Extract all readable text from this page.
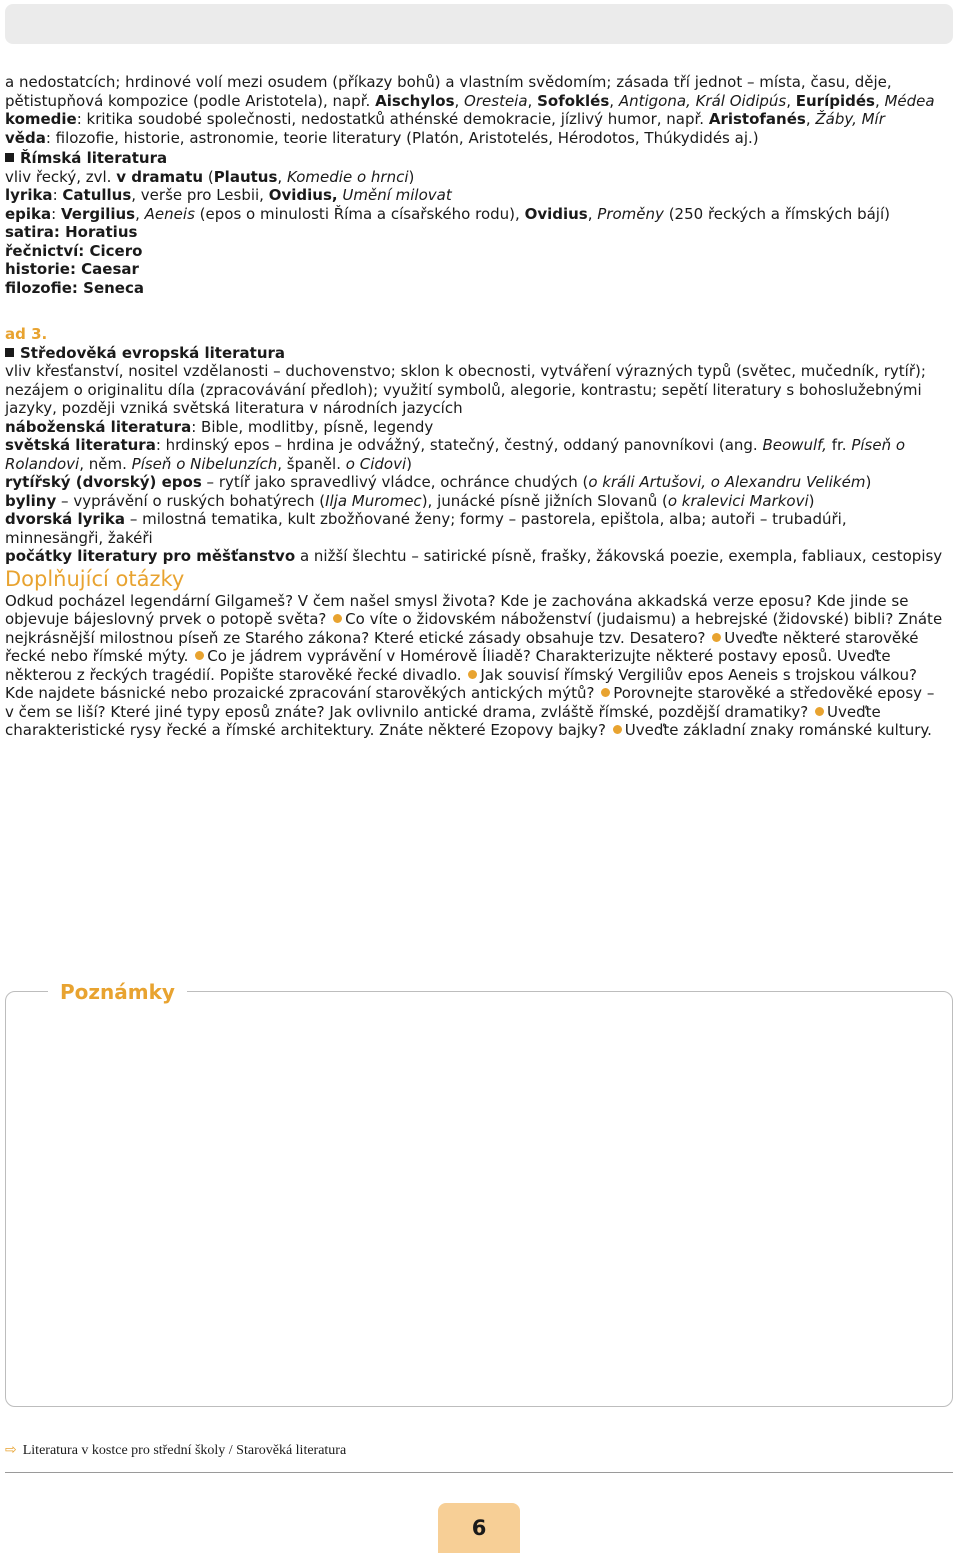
a nedostatcích; hrdinové volí mezi osudem (příkazy bohů) a vlastním svědomím; zásada tří jednot – místa, času, děje, pětistupňová kompozice (podle Aristotela), např. Aischylos, Oresteia, Sofoklés, Antigona, Král Oidipús, Eurípidés, Médea

komedie: kritika soudobé společnosti, nedostatků athénské demokracie, jízlivý humor, např. Aristofanés, Žáby, Mír

věda: filozofie, historie, astronomie, teorie literatury (Platón, Aristotelés, Hérodotos, Thúkydidés aj.)

Římská literatura

vliv řecký, zvl. v dramatu (Plautus, Komedie o hrnci)

lyrika: Catullus, verše pro Lesbii, Ovidius, Umění milovat

epika: Vergilius, Aeneis (epos o minulosti Říma a císařského rodu), Ovidius, Proměny (250 řeckých a římských bájí)

satira: Horatius

řečnictví: Cicero

historie: Caesar

filozofie: Seneca

ad 3.

Středověká evropská literatura

vliv křesťanství, nositel vzdělanosti – duchovenstvo; sklon k obecnosti, vytváření výrazných typů (světec, mučedník, rytíř); nezájem o originalitu díla (zpracovávání předloh); využití symbolů, alegorie, kontrastu; sepětí literatury s bohoslužebnými jazyky, později vzniká světská literatura v národních jazycích

náboženská literatura: Bible, modlitby, písně, legendy

světská literatura: hrdinský epos – hrdina je odvážný, statečný, čestný, oddaný panovníkovi (ang. Beowulf, fr. Píseň o Rolandovi, něm. Píseň o Nibelunzích, španěl. o Cidovi)

rytířský (dvorský) epos – rytíř jako spravedlivý vládce, ochránce chudých (o králi Artušovi, o Alexandru Velikém)

byliny – vyprávění o ruských bohatýrech (Ilja Muromec), junácké písně jižních Slovanů (o kralevici Markovi)

dvorská lyrika – milostná tematika, kult zbožňované ženy; formy – pastorela, epištola, alba; autoři – trubadúři, minnesängři, žakéři

počátky literatury pro měšťanstvo a nižší šlechtu – satirické písně, frašky, žákovská poezie, exempla, fabliaux, cestopisy

Doplňující otázky

Odkud pocházel legendární Gilgameš? V čem našel smysl života? Kde je zachována akkadská verze eposu? Kde jinde se objevuje bájeslovný prvek o potopě světa? Co víte o židovském náboženství (judaismu) a hebrejské (židovské) bibli? Znáte nejkrásnější milostnou píseň ze Starého zákona? Které etické zásady obsahuje tzv. Desatero? Uveďte některé starověké řecké nebo římské mýty. Co je jádrem vyprávění v Homérově Íliadě? Charakterizujte některé postavy eposů. Uveďte některou z řeckých tragédií. Popište starověké řecké divadlo. Jak souvisí římský Vergiliův epos Aeneis s trojskou válkou? Kde najdete básnické nebo prozaické zpracování starověkých antických mýtů? Porovnejte starověké a středověké eposy – v čem se liší? Které jiné typy eposů znáte? Jak ovlivnilo antické drama, zvláště římské, pozdější dramatiky? Uveďte charakteristické rysy řecké a římské architektury. Znáte některé Ezopovy bajky? Uveďte základní znaky románské kultury.

Poznámky
⇨ Literatura v kostce pro střední školy / Starověká literatura
6
